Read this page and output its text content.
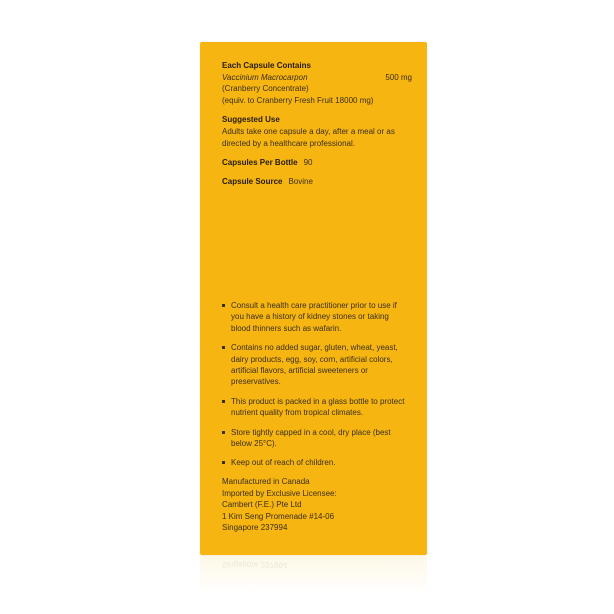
Each Capsule Contains
Vaccinium Macrocarpon	500 mg
(Cranberry Concentrate)
(equiv. to Cranberry Fresh Fruit 18000 mg)
Suggested Use
Adults take one capsule a day, after a meal or as directed by a healthcare professional.
Capsules Per Bottle 90
Capsule Source Bovine
Consult a health care practitioner prior to use if you have a history of kidney stones or taking blood thinners such as wafarin.
Contains no added sugar, gluten, wheat, yeast, dairy products, egg, soy, corn, artificial colors, artificial flavors, artificial sweeteners or preservatives.
This product is packed in a glass bottle to protect nutrient quality from tropical climates.
Store tightly capped in a cool, dry place (best below 25°C).
Keep out of reach of children.
Manufactured in Canada
Imported by Exclusive Licensee:
Cambert (F.E.) Pte Ltd
1 Kim Seng Promenade #14-06
Singapore 237994
Singapore 237994
